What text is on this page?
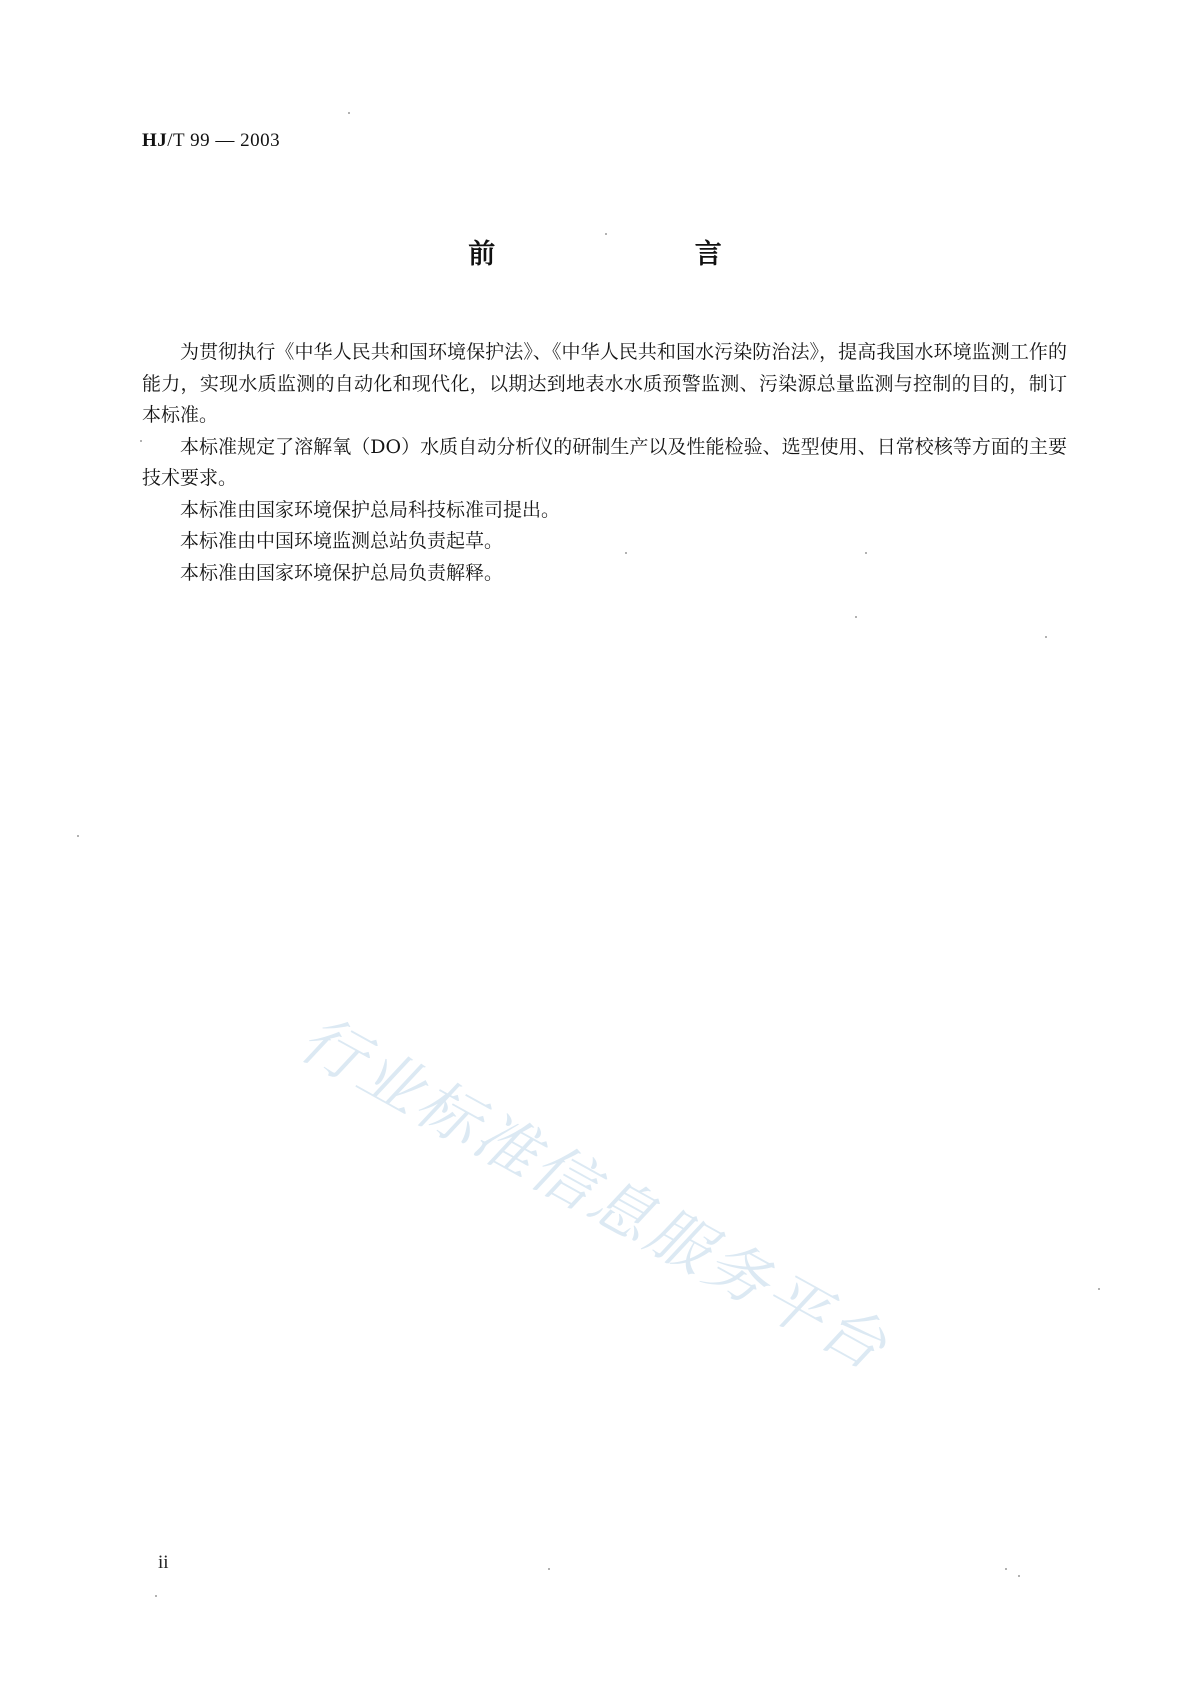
HJ/T 99 — 2003
前 言

为贯彻执行《中华人民共和国环境保护法》、《中华人民共和国水污染防治法》，提高我国水环境监测工作的能力，实现水质监测的自动化和现代化，以期达到地表水水质预警监测、污染源总量监测与控制的目的，制订本标准。

本标准规定了溶解氧（DO）水质自动分析仪的研制生产以及性能检验、选型使用、日常校核等方面的主要技术要求。

本标准由国家环境保护总局科技标准司提出。

本标准由中国环境监测总站负责起草。

本标准由国家环境保护总局负责解释。

行业标准信息服务平台
ii
